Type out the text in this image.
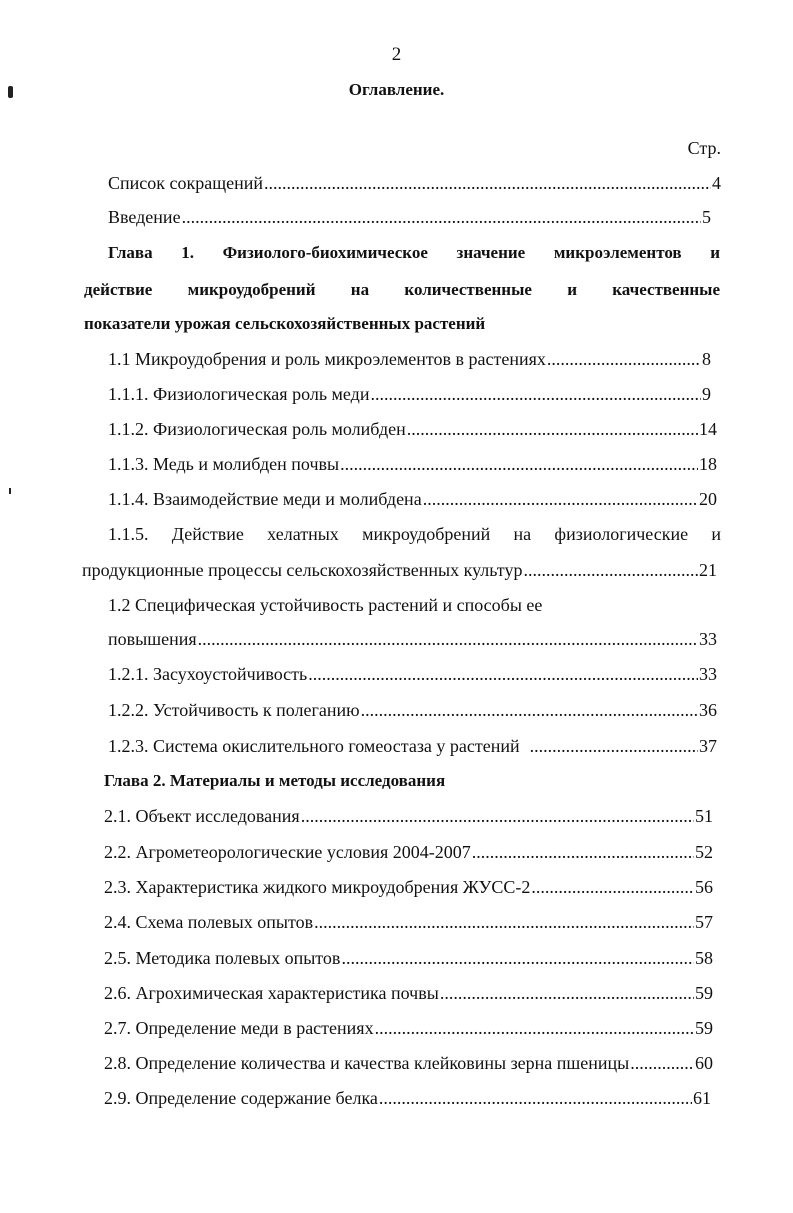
2
Оглавление.
Стр.
Список сокращений .....	4
Введение .....	5
Глава 1. Физиолого-биохимическое значение микроэлементов и
действие микроудобрений на количественные и качественные
показатели урожая сельскохозяйственных растений
1.1 Микроудобрения и роль микроэлементов в растениях .....	8
1.1.1. Физиологическая роль меди .....	9
1.1.2. Физиологическая роль молибден .....	14
1.1.3. Медь и молибден почвы .....	18
1.1.4. Взаимодействие меди и молибдена .....	20
1.1.5. Действие хелатных микроудобрений на физиологические и
продукционные процессы сельскохозяйственных культур .....	21
1.2 Специфическая устойчивость растений и способы ее
повышения .....	33
1.2.1. Засухоустойчивость .....	33
1.2.2. Устойчивость к полеганию .....	36
1.2.3. Система окислительного гомеостаза у растений .....	37
Глава 2. Материалы и методы исследования
2.1. Объект исследования .....	51
2.2. Агрометеорологические условия 2004-2007 .....	52
2.3. Характеристика жидкого микроудобрения ЖУСС-2 .....	56
2.4. Схема полевых опытов .....	57
2.5. Методика полевых опытов .....	58
2.6. Агрохимическая характеристика почвы .....	59
2.7. Определение меди в растениях .....	59
2.8. Определение количества и качества клейковины зерна пшеницы .....	60
2.9. Определение содержание белка .....	61
